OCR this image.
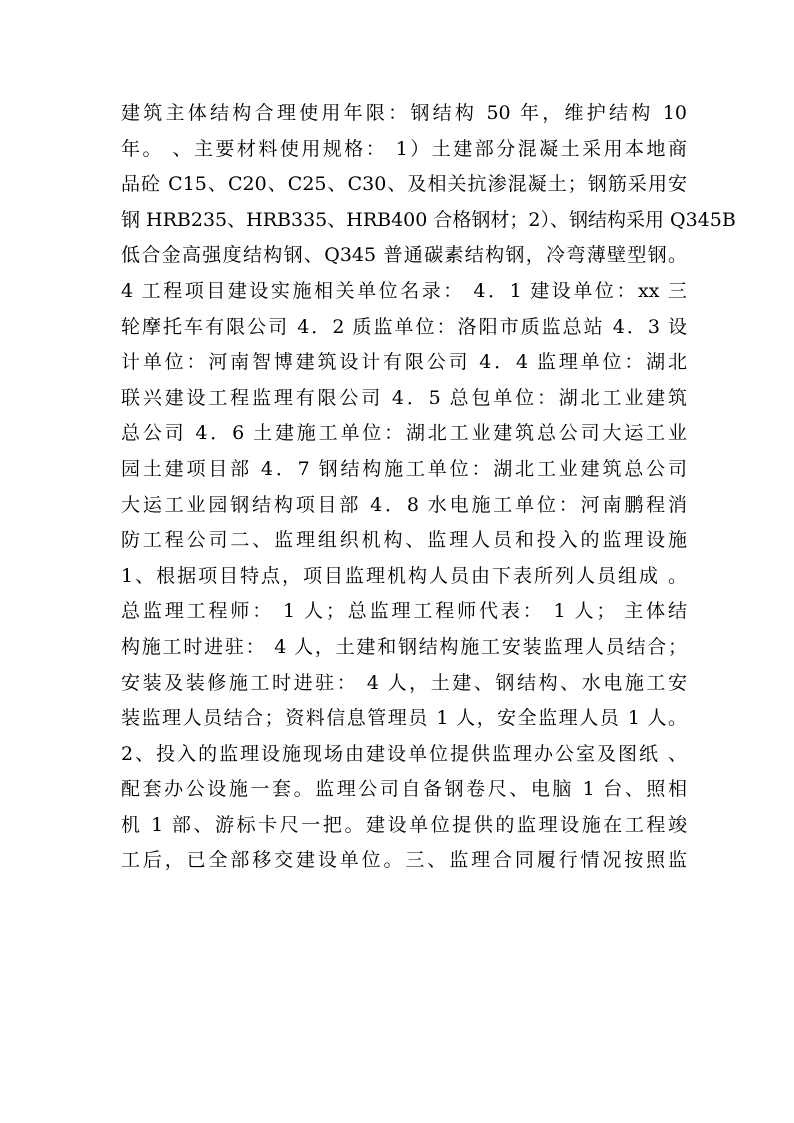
建筑主体结构合理使用年限：钢结构 50 年，维护结构 10
年。 、主要材料使用规格： 1）土建部分混凝土采用本地商
品砼 C15、C20、C25、C30、及相关抗渗混凝土；钢筋采用安
钢 HRB235、HRB335、HRB400 合格钢材；2）、钢结构采用 Q345B
低合金高强度结构钢、Q345 普通碳素结构钢，冷弯薄壁型钢。
4 工程项目建设实施相关单位名录： 4．1 建设单位：xx 三
轮摩托车有限公司 4．2 质监单位：洛阳市质监总站 4．3 设
计单位：河南智博建筑设计有限公司 4．4 监理单位：湖北
联兴建设工程监理有限公司 4．5 总包单位：湖北工业建筑
总公司 4．6 土建施工单位：湖北工业建筑总公司大运工业
园土建项目部 4．7 钢结构施工单位：湖北工业建筑总公司
大运工业园钢结构项目部 4．8 水电施工单位：河南鹏程消
防工程公司二、监理组织机构、监理人员和投入的监理设施
1、根据项目特点，项目监理机构人员由下表所列人员组成 。
总监理工程师： 1 人；总监理工程师代表： 1 人； 主体结
构施工时进驻： 4 人，土建和钢结构施工安装监理人员结合；
安装及装修施工时进驻： 4 人，土建、钢结构、水电施工安
装监理人员结合；资料信息管理员 1 人，安全监理人员 1 人。
2、投入的监理设施现场由建设单位提供监理办公室及图纸 、
配套办公设施一套。监理公司自备钢卷尺、电脑 1 台、照相
机 1 部、游标卡尺一把。建设单位提供的监理设施在工程竣
工后，已全部移交建设单位。三、监理合同履行情况按照监
